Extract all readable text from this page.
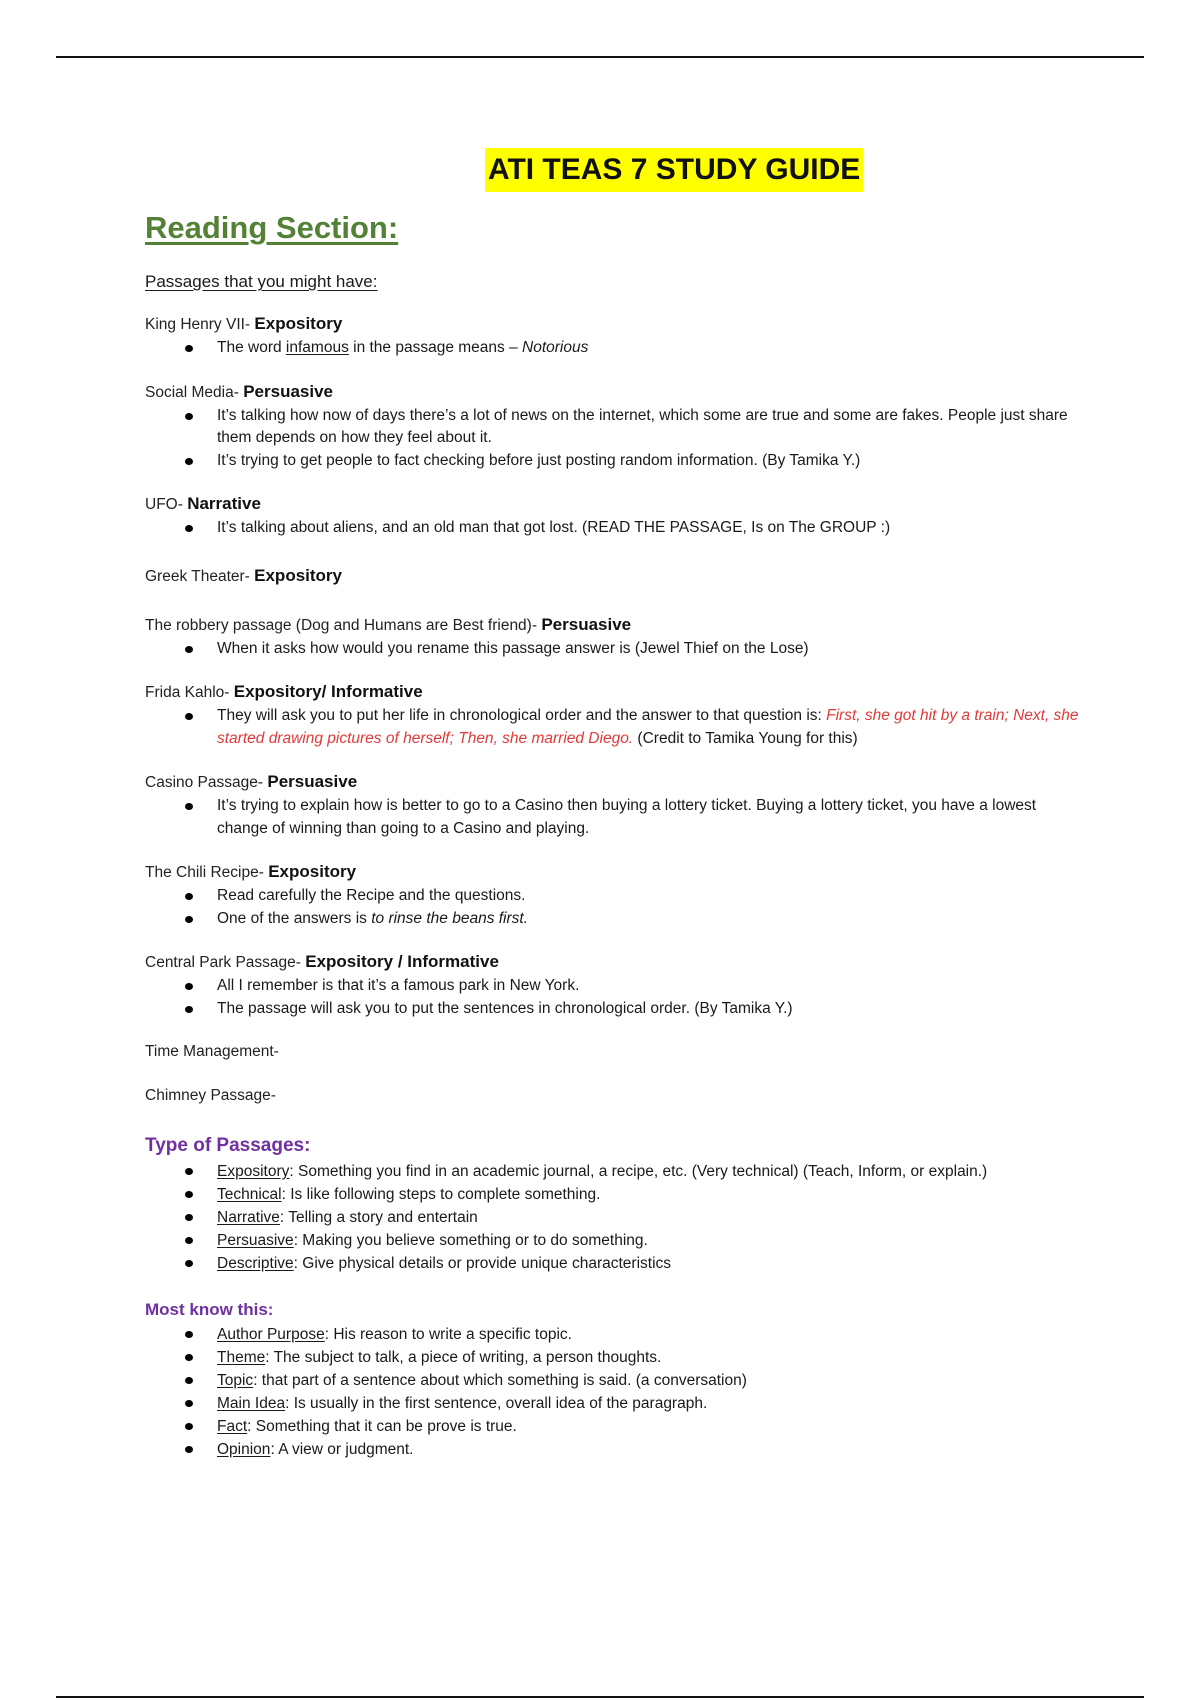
ATI TEAS 7 STUDY GUIDE
Reading Section:
Passages that you might have:
King Henry VII- Expository
The word infamous in the passage means – Notorious
Social Media- Persuasive
It’s talking how now of days there’s a lot of news on the internet, which some are true and some are fakes. People just share them depends on how they feel about it.
It’s trying to get people to fact checking before just posting random information. (By Tamika Y.)
UFO- Narrative
It’s talking about aliens, and an old man that got lost. (READ THE PASSAGE, Is on The GROUP :)
Greek Theater- Expository
The robbery passage (Dog and Humans are Best friend)- Persuasive
When it asks how would you rename this passage answer is (Jewel Thief on the Lose)
Frida Kahlo- Expository/ Informative
They will ask you to put her life in chronological order and the answer to that question is: First, she got hit by a train; Next, she started drawing pictures of herself; Then, she married Diego. (Credit to Tamika Young for this)
Casino Passage- Persuasive
It’s trying to explain how is better to go to a Casino then buying a lottery ticket. Buying a lottery ticket, you have a lowest change of winning than going to a Casino and playing.
The Chili Recipe- Expository
Read carefully the Recipe and the questions.
One of the answers is to rinse the beans first.
Central Park Passage- Expository / Informative
All I remember is that it’s a famous park in New York.
The passage will ask you to put the sentences in chronological order. (By Tamika Y.)
Time Management-
Chimney Passage-
Type of Passages:
Expository: Something you find in an academic journal, a recipe, etc. (Very technical) (Teach, Inform, or explain.)
Technical: Is like following steps to complete something.
Narrative: Telling a story and entertain
Persuasive: Making you believe something or to do something.
Descriptive: Give physical details or provide unique characteristics
Most know this:
Author Purpose: His reason to write a specific topic.
Theme: The subject to talk, a piece of writing, a person thoughts.
Topic: that part of a sentence about which something is said. (a conversation)
Main Idea: Is usually in the first sentence, overall idea of the paragraph.
Fact: Something that it can be prove is true.
Opinion: A view or judgment.
